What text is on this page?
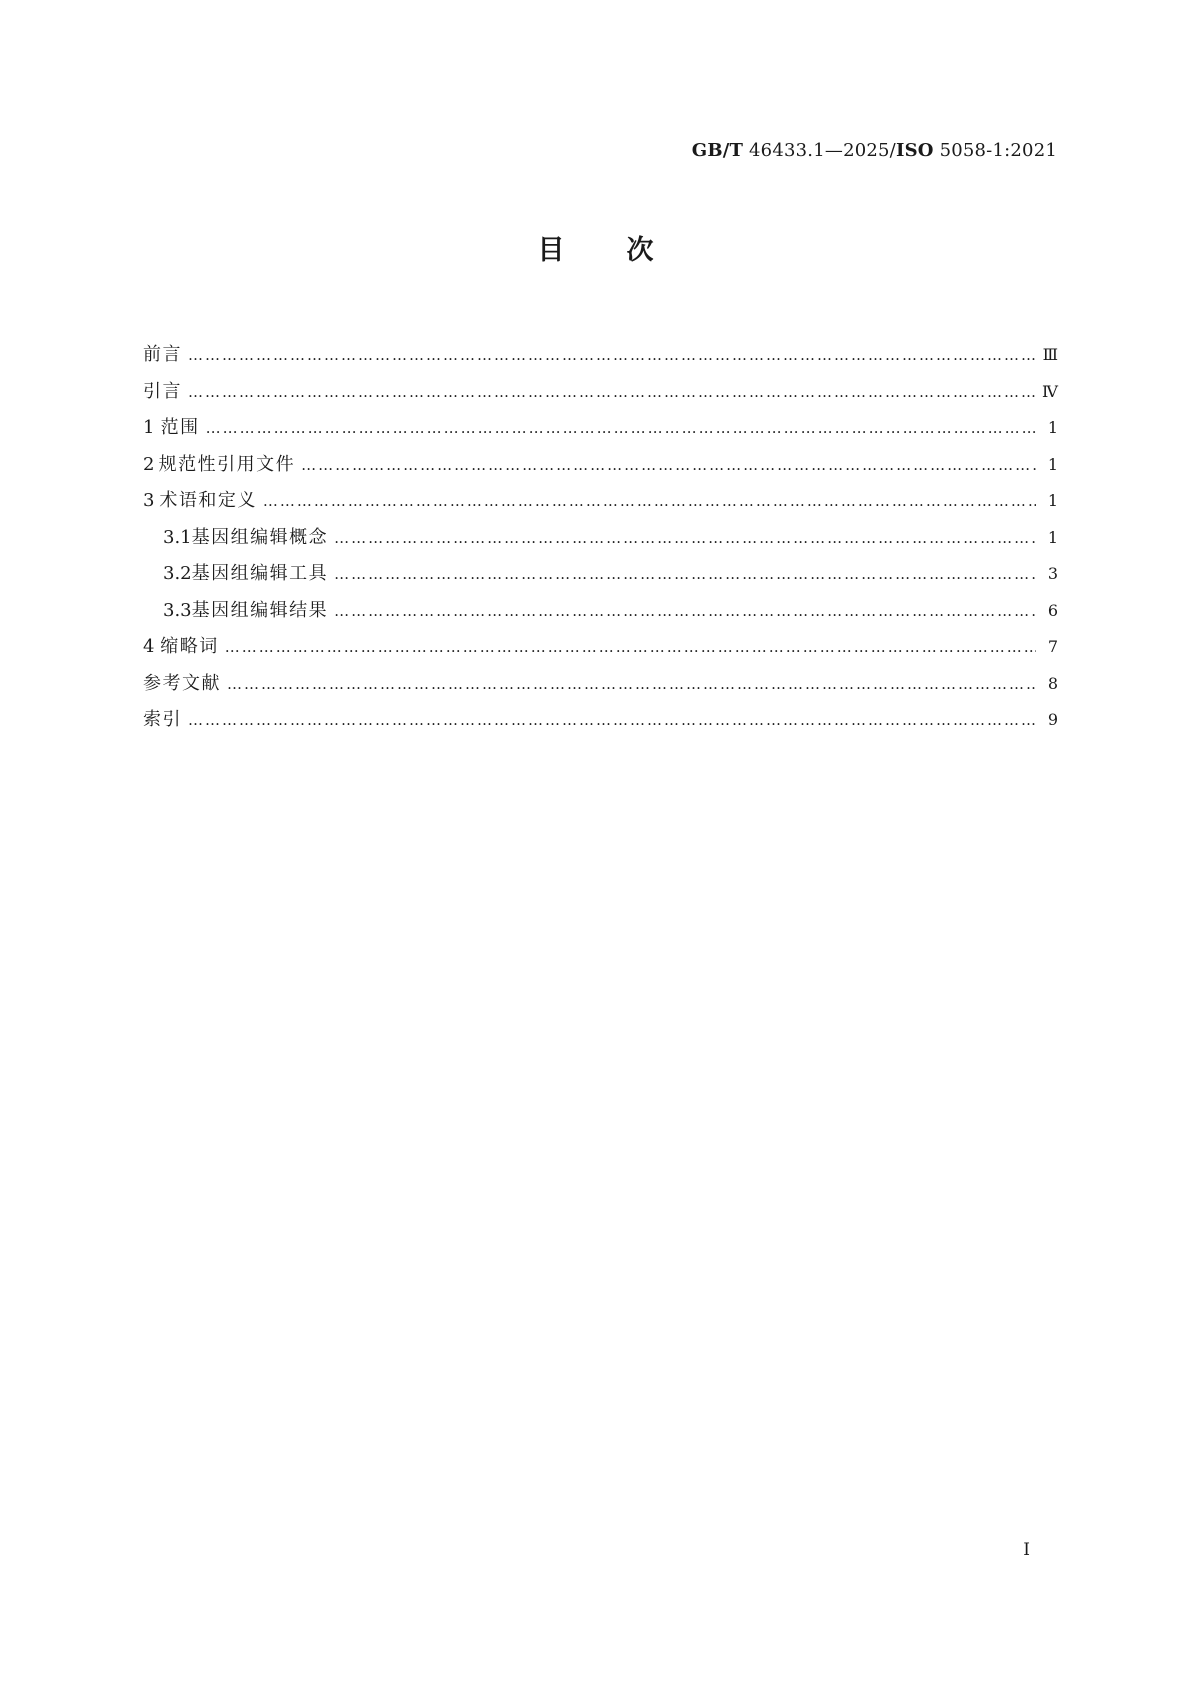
GB/T 46433.1—2025/ISO 5058-1:2021
目次
前言 ……………………………………………………………………………………………………………………………………………………………………………………………………………………………………	Ⅲ
引言 ……………………………………………………………………………………………………………………………………………………………………………………………………………………………………	Ⅳ
1 范围 ……………………………………………………………………………………………………………………………………………………………………………………………………………………………………	1
2 规范性引用文件 ……………………………………………………………………………………………………………………………………………………………………………………………………………………………………	1
3 术语和定义 ……………………………………………………………………………………………………………………………………………………………………………………………………………………………………	1
3.1 基因组编辑概念 ……………………………………………………………………………………………………………………………………………………………………………………………………………………………………	1
3.2 基因组编辑工具 ……………………………………………………………………………………………………………………………………………………………………………………………………………………………………	3
3.3 基因组编辑结果 ……………………………………………………………………………………………………………………………………………………………………………………………………………………………………	6
4 缩略词 ……………………………………………………………………………………………………………………………………………………………………………………………………………………………………	7
参考文献 ……………………………………………………………………………………………………………………………………………………………………………………………………………………………………	8
索引 ……………………………………………………………………………………………………………………………………………………………………………………………………………………………………	9
Ⅰ
